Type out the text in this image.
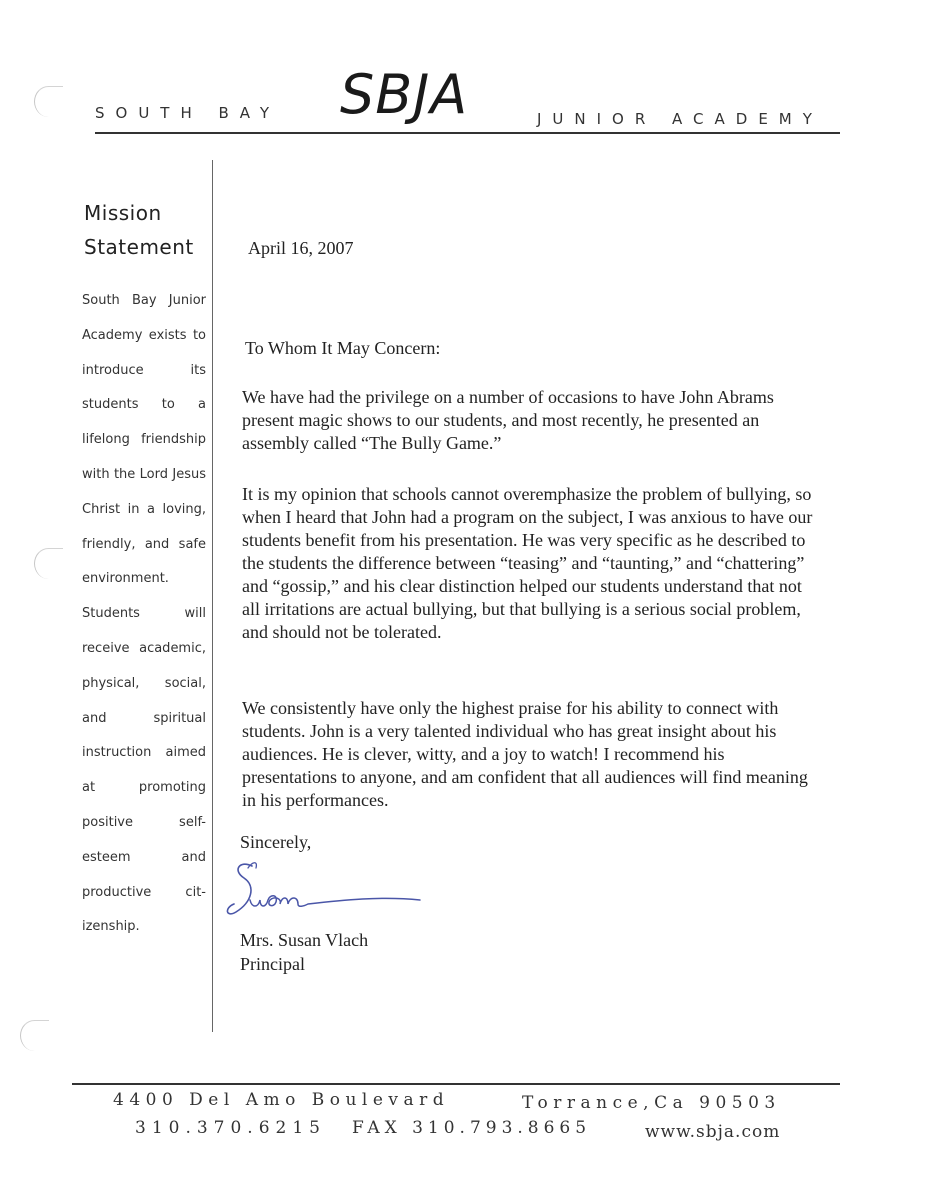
SOUTH BAY SBJA	JUNIOR ACADEMY
Mission
Statement
South Bay Junior Academy exists to introduce its students to a lifelong friendship with the Lord Jesus Christ in a loving, friendly, and safe environment. Students will receive academic, physical, social, and spiritual instruction aimed at promoting positive self-esteem and productive citizenship.
April 16, 2007
To Whom It May Concern:

We have had the privilege on a number of occasions to have John Abrams present magic shows to our students, and most recently, he presented an assembly called “The Bully Game.”

It is my opinion that schools cannot overemphasize the problem of bullying, so when I heard that John had a program on the subject, I was anxious to have our students benefit from his presentation. He was very specific as he described to the students the difference between “teasing” and “taunting,” and “chattering” and “gossip,” and his clear distinction helped our students understand that not all irritations are actual bullying, but that bullying is a serious social problem, and should not be tolerated.

We consistently have only the highest praise for his ability to connect with students. John is a very talented individual who has great insight about his audiences. He is clever, witty, and a joy to watch! I recommend his presentations to anyone, and am confident that all audiences will find meaning in his performances.

Sincerely,
Mrs. Susan Vlach
Principal
4400 Del Amo Boulevard	Torrance,Ca 90503
310.370.6215 FAX 310.793.8665	www.sbja.com
